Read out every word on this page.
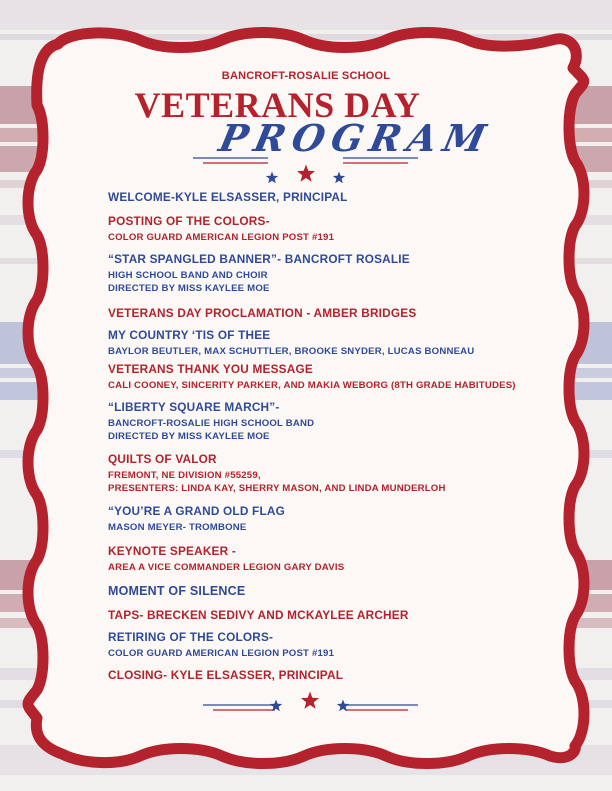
BANCROFT-ROSALIE SCHOOL
VETERANS DAY
PROGRAM
WELCOME-KYLE ELSASSER, PRINCIPAL
POSTING OF THE COLORS-
COLOR GUARD AMERICAN LEGION POST #191
“STAR SPANGLED BANNER”- BANCROFT ROSALIE
HIGH SCHOOL BAND AND CHOIR
DIRECTED BY MISS KAYLEE MOE
VETERANS DAY PROCLAMATION - AMBER BRIDGES
MY COUNTRY ‘TIS OF THEE
BAYLOR BEUTLER, MAX SCHUTTLER, BROOKE SNYDER, LUCAS BONNEAU
VETERANS THANK YOU MESSAGE
CALI COONEY, SINCERITY PARKER, AND MAKIA WEBORG (8TH GRADE HABITUDES)
“LIBERTY SQUARE MARCH”-
BANCROFT-ROSALIE HIGH SCHOOL BAND
DIRECTED BY MISS KAYLEE MOE
QUILTS OF VALOR
FREMONT, NE DIVISION #55259,
PRESENTERS: LINDA KAY, SHERRY MASON, AND LINDA MUNDERLOH
“YOU’RE A GRAND OLD FLAG
MASON MEYER- TROMBONE
KEYNOTE SPEAKER -
AREA A VICE COMMANDER LEGION GARY DAVIS
MOMENT OF SILENCE
TAPS- BRECKEN SEDIVY AND MCKAYLEE ARCHER
RETIRING OF THE COLORS-
COLOR GUARD AMERICAN LEGION POST #191
CLOSING- KYLE ELSASSER, PRINCIPAL
